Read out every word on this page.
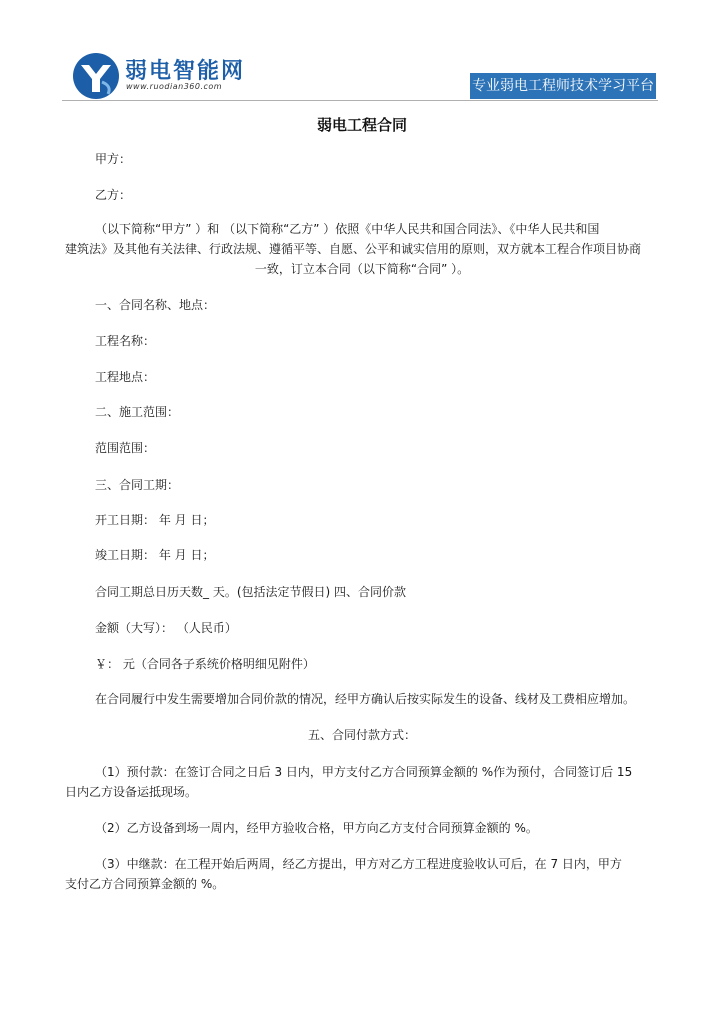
弱电智能网
www.ruodian360.com	专业弱电工程师技术学习平台
弱电工程合同
甲方：
乙方：
（以下简称“甲方” ）和 （以下简称“乙方” ）依照《中华人民共和国合同法》、《中华人民共和国
建筑法》及其他有关法律、行政法规、遵循平等、自愿、公平和诚实信用的原则，双方就本工程合作项目协商
一致，订立本合同（以下简称“合同” ）。
一、合同名称、地点：
工程名称：
工程地点：
二、施工范围：
范围范围：
三、合同工期：
开工日期： 年 月 日；
竣工日期： 年 月 日；
合同工期总日历天数_ 天。(包括法定节假日) 四、合同价款
金额（大写）： （人民币）
￥： 元（合同各子系统价格明细见附件）
在合同履行中发生需要增加合同价款的情况，经甲方确认后按实际发生的设备、线材及工费相应增加。
五、合同付款方式：
（1）预付款：在签订合同之日后 3 日内，甲方支付乙方合同预算金额的 %作为预付，合同签订后 15
日内乙方设备运抵现场。
（2）乙方设备到场一周内，经甲方验收合格，甲方向乙方支付合同预算金额的 %。
（3）中继款：在工程开始后两周，经乙方提出，甲方对乙方工程进度验收认可后，在 7 日内，甲方
支付乙方合同预算金额的 %。
